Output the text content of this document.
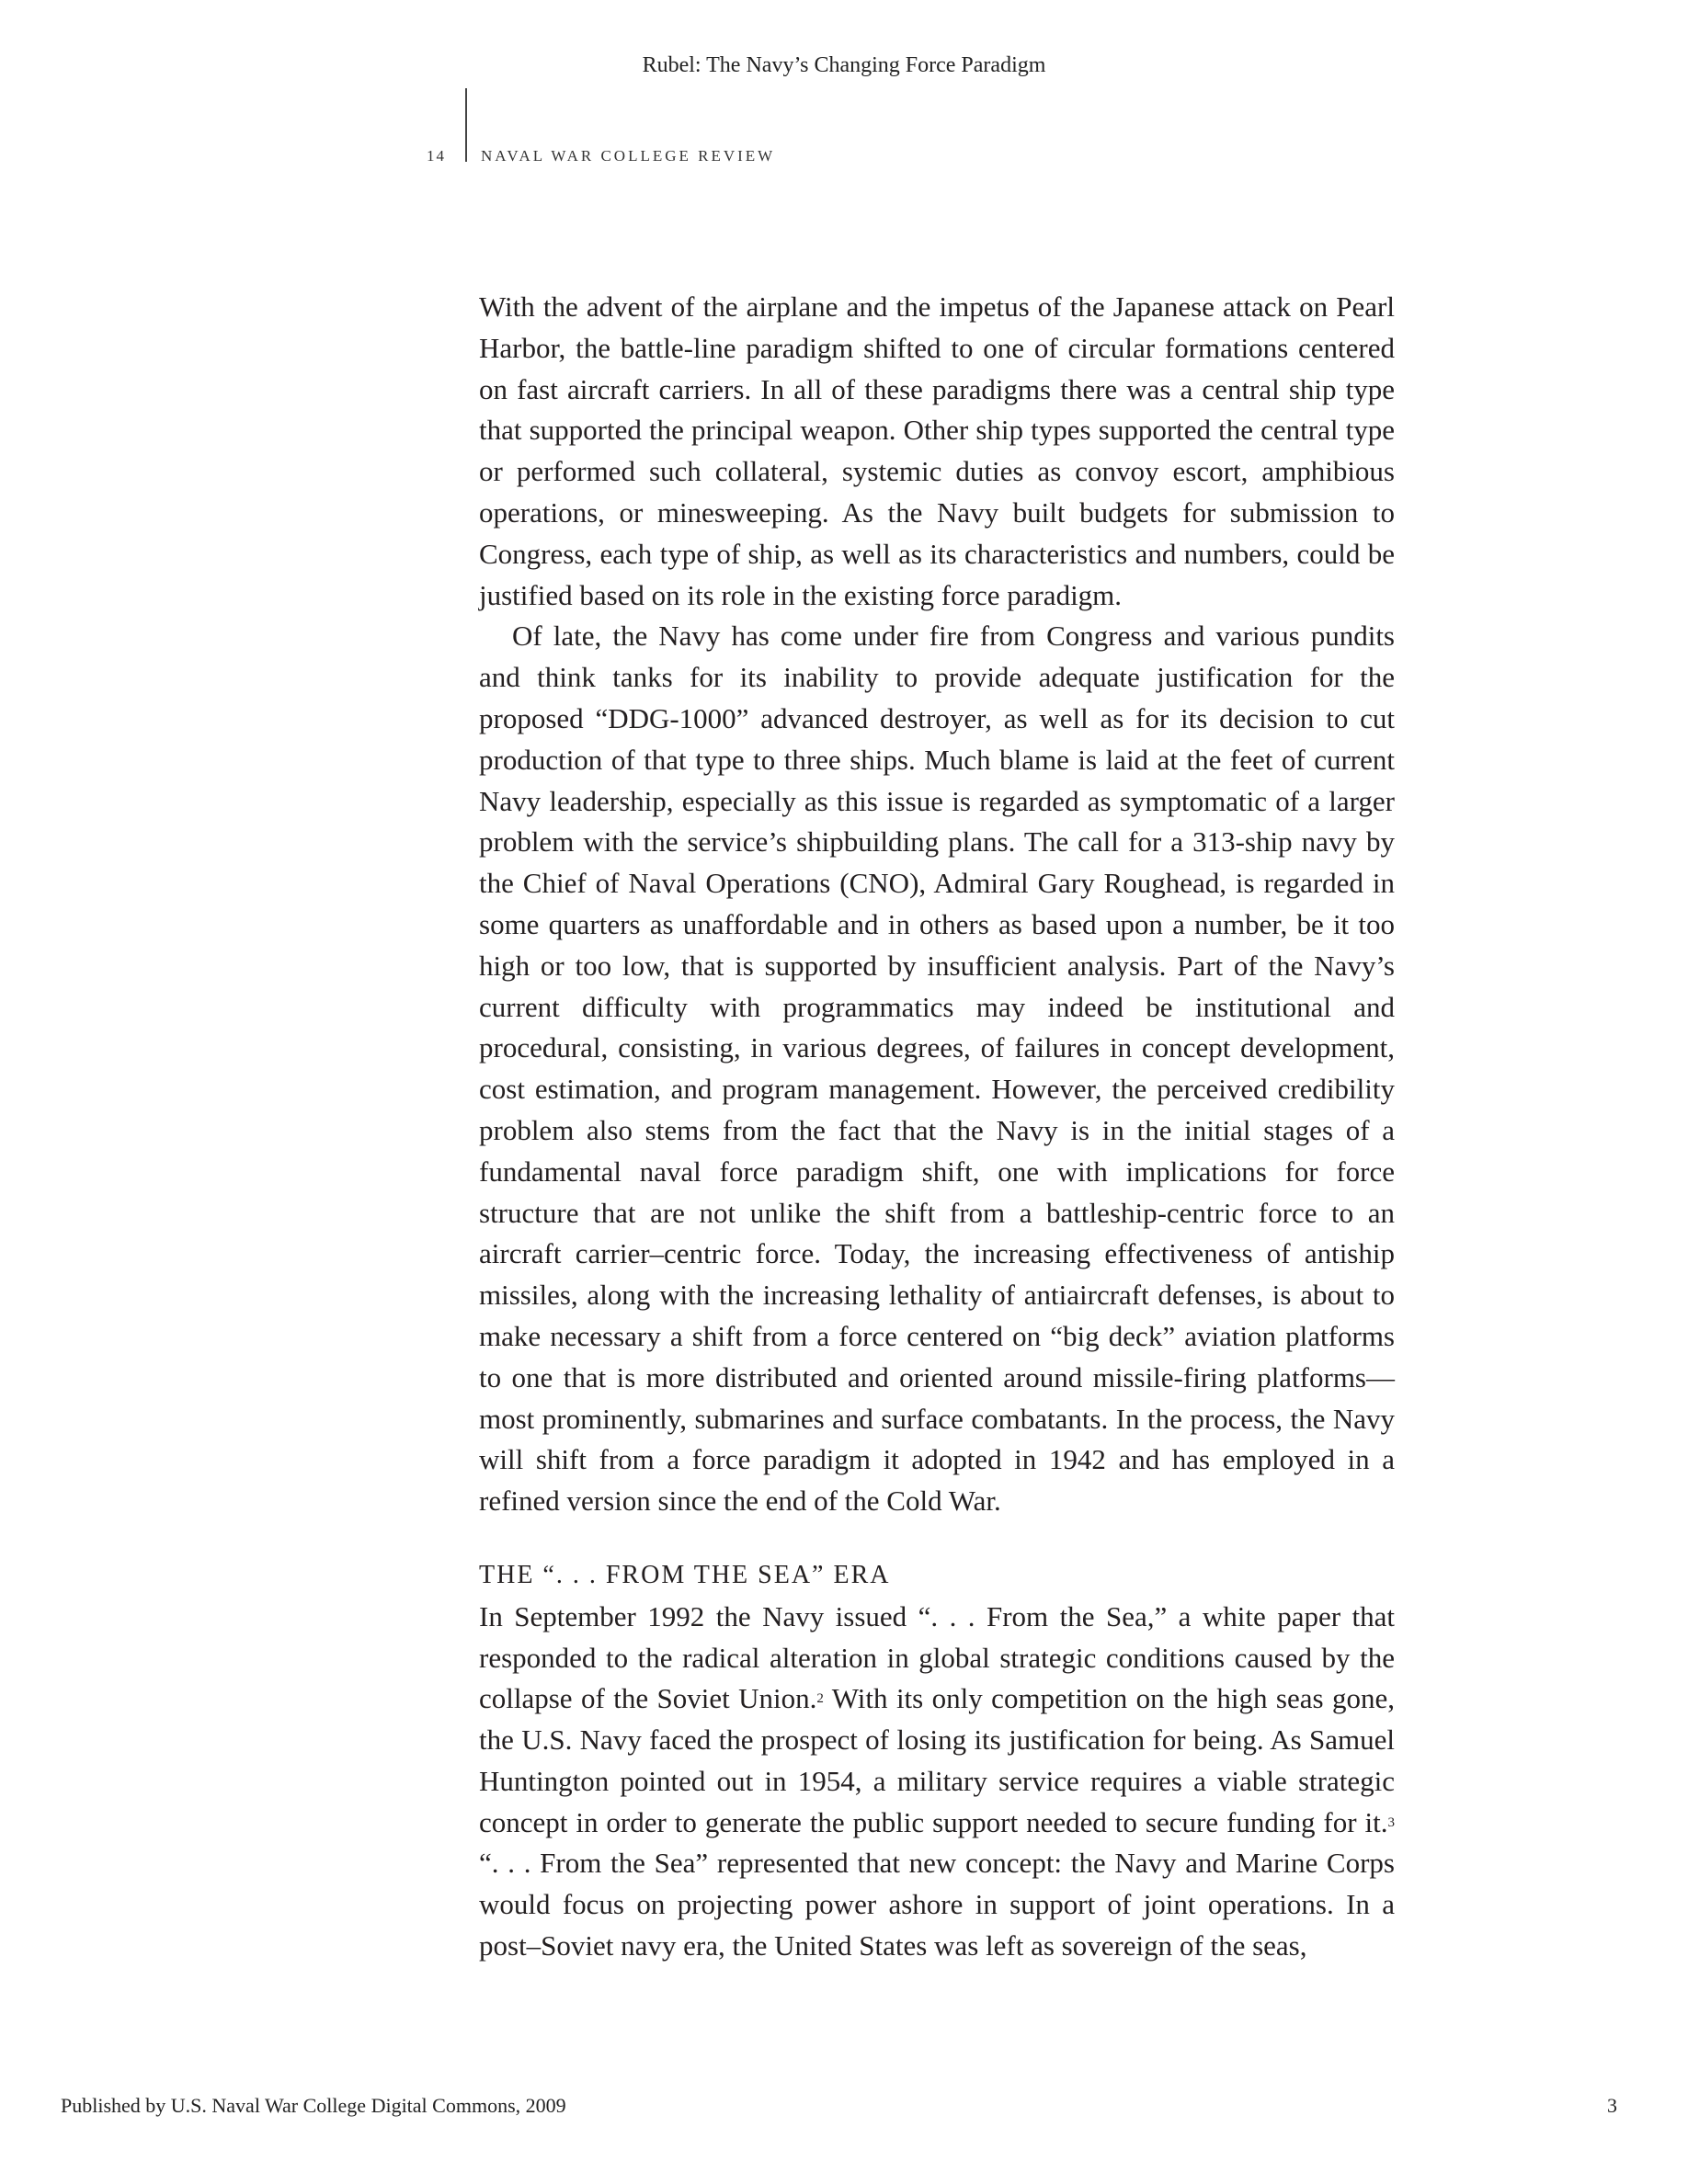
Rubel: The Navy’s Changing Force Paradigm
14 NAVAL WAR COLLEGE REVIEW

With the advent of the airplane and the impetus of the Japanese attack on Pearl Harbor, the battle-line paradigm shifted to one of circular formations centered on fast aircraft carriers. In all of these paradigms there was a central ship type that supported the principal weapon. Other ship types supported the central type or performed such collateral, systemic duties as convoy escort, amphibious operations, or minesweeping. As the Navy built budgets for submission to Congress, each type of ship, as well as its characteristics and numbers, could be justified based on its role in the existing force paradigm.

Of late, the Navy has come under fire from Congress and various pundits and think tanks for its inability to provide adequate justification for the proposed “DDG-1000” advanced destroyer, as well as for its decision to cut production of that type to three ships. Much blame is laid at the feet of current Navy leadership, especially as this issue is regarded as symptomatic of a larger problem with the service’s shipbuilding plans. The call for a 313-ship navy by the Chief of Naval Operations (CNO), Admiral Gary Roughead, is regarded in some quarters as unaffordable and in others as based upon a number, be it too high or too low, that is supported by insufficient analysis. Part of the Navy’s current difficulty with programmatics may indeed be institutional and procedural, consisting, in various degrees, of failures in concept development, cost estimation, and program management. However, the perceived credibility problem also stems from the fact that the Navy is in the initial stages of a fundamental naval force paradigm shift, one with implications for force structure that are not unlike the shift from a battleship-centric force to an aircraft carrier–centric force. Today, the increasing effectiveness of antiship missiles, along with the increasing lethality of antiaircraft defenses, is about to make necessary a shift from a force centered on “big deck” aviation platforms to one that is more distributed and oriented around missile-firing platforms—most prominently, submarines and surface combatants. In the process, the Navy will shift from a force paradigm it adopted in 1942 and has employed in a refined version since the end of the Cold War.

THE “. . . FROM THE SEA” ERA

In September 1992 the Navy issued “. . . From the Sea,” a white paper that responded to the radical alteration in global strategic conditions caused by the collapse of the Soviet Union.$^2$ With its only competition on the high seas gone, the U.S. Navy faced the prospect of losing its justification for being. As Samuel Huntington pointed out in 1954, a military service requires a viable strategic concept in order to generate the public support needed to secure funding for it.$^3$ “. . . From the Sea” represented that new concept: the Navy and Marine Corps would focus on projecting power ashore in support of joint operations. In a post–Soviet navy era, the United States was left as sovereign of the seas,

Published by U.S. Naval War College Digital Commons, 2009	3
